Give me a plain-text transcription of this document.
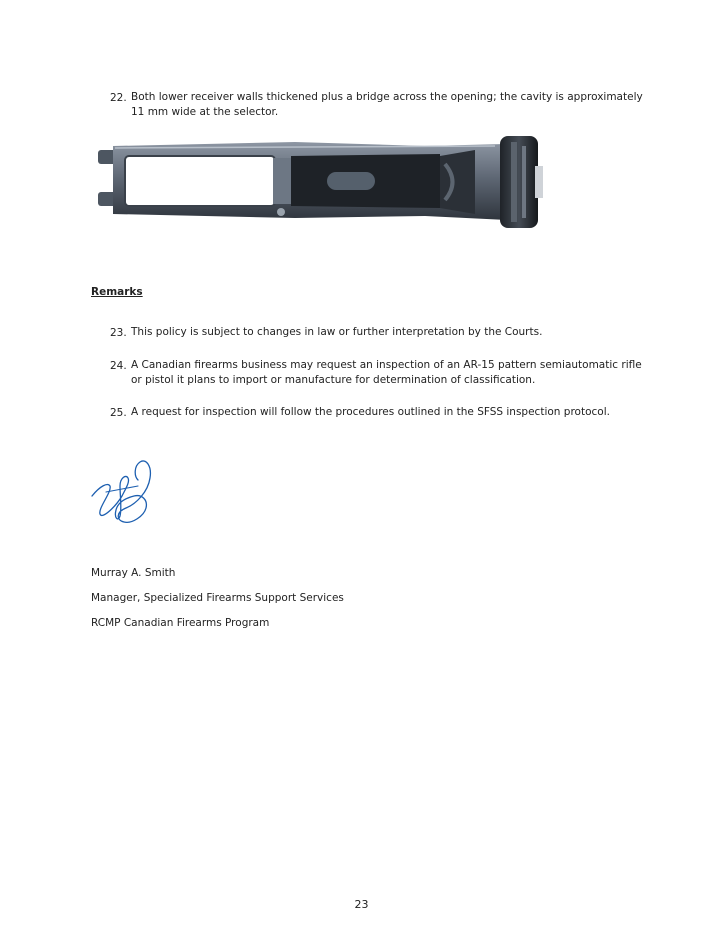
22. Both lower receiver walls thickened plus a bridge across the opening; the cavity is approximately
11 mm wide at the selector.
Remarks
23. This policy is subject to changes in law or further interpretation by the Courts.
24. A Canadian firearms business may request an inspection of an AR-15 pattern semiautomatic rifle
or pistol it plans to import or manufacture for determination of classification.
25. A request for inspection will follow the procedures outlined in the SFSS inspection protocol.
Murray A. Smith
Manager, Specialized Firearms Support Services
RCMP Canadian Firearms Program
23
